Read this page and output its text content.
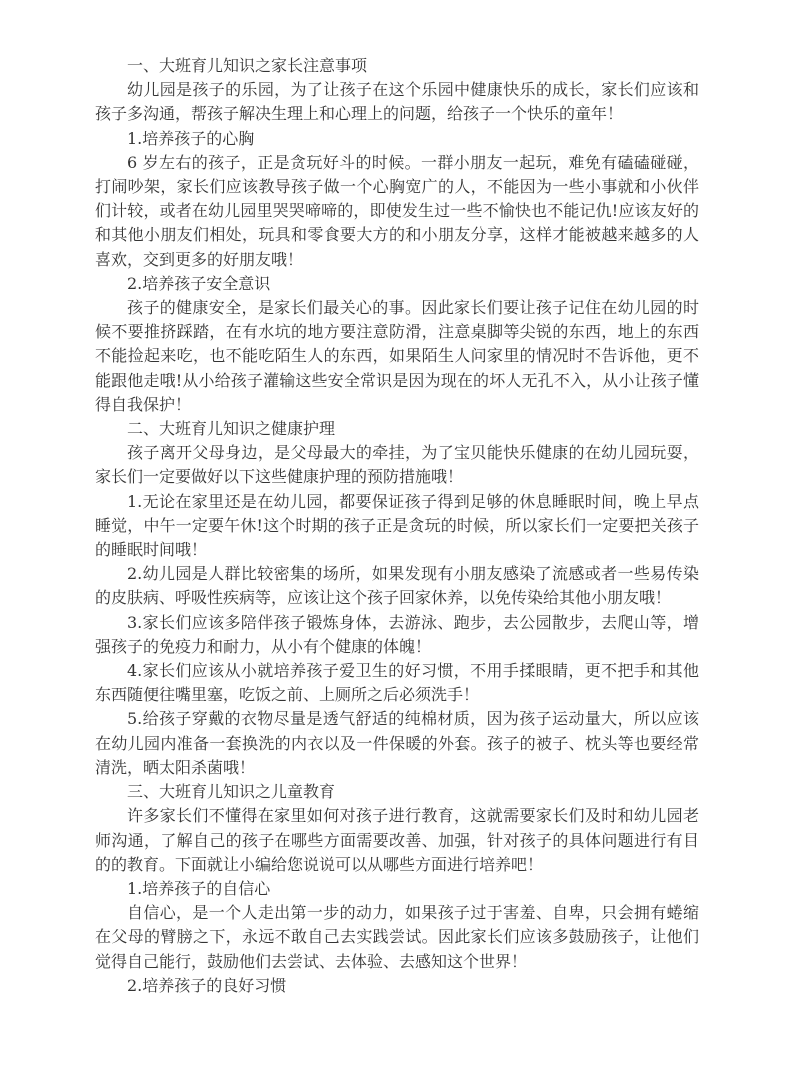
一、大班育儿知识之家长注意事项

幼儿园是孩子的乐园，为了让孩子在这个乐园中健康快乐的成长，家长们应该和孩子多沟通，帮孩子解决生理上和心理上的问题，给孩子一个快乐的童年！

1.培养孩子的心胸

6 岁左右的孩子，正是贪玩好斗的时候。一群小朋友一起玩，难免有磕磕碰碰，打闹吵架，家长们应该教导孩子做一个心胸宽广的人，不能因为一些小事就和小伙伴们计较，或者在幼儿园里哭哭啼啼的，即使发生过一些不愉快也不能记仇!应该友好的和其他小朋友们相处，玩具和零食要大方的和小朋友分享，这样才能被越来越多的人喜欢，交到更多的好朋友哦！

2.培养孩子安全意识

孩子的健康安全，是家长们最关心的事。因此家长们要让孩子记住在幼儿园的时候不要推挤踩踏，在有水坑的地方要注意防滑，注意桌脚等尖锐的东西，地上的东西不能捡起来吃，也不能吃陌生人的东西，如果陌生人问家里的情况时不告诉他，更不能跟他走哦!从小给孩子灌输这些安全常识是因为现在的坏人无孔不入，从小让孩子懂得自我保护！

二、大班育儿知识之健康护理

孩子离开父母身边，是父母最大的牵挂，为了宝贝能快乐健康的在幼儿园玩耍，家长们一定要做好以下这些健康护理的预防措施哦！

1.无论在家里还是在幼儿园，都要保证孩子得到足够的休息睡眠时间，晚上早点睡觉，中午一定要午休!这个时期的孩子正是贪玩的时候，所以家长们一定要把关孩子的睡眠时间哦！

2.幼儿园是人群比较密集的场所，如果发现有小朋友感染了流感或者一些易传染的皮肤病、呼吸性疾病等，应该让这个孩子回家休养，以免传染给其他小朋友哦！

3.家长们应该多陪伴孩子锻炼身体，去游泳、跑步，去公园散步，去爬山等，增强孩子的免疫力和耐力，从小有个健康的体魄！

4.家长们应该从小就培养孩子爱卫生的好习惯，不用手揉眼睛，更不把手和其他东西随便往嘴里塞，吃饭之前、上厕所之后必须洗手！

5.给孩子穿戴的衣物尽量是透气舒适的纯棉材质，因为孩子运动量大，所以应该在幼儿园内准备一套换洗的内衣以及一件保暖的外套。孩子的被子、枕头等也要经常清洗，晒太阳杀菌哦！

三、大班育儿知识之儿童教育

许多家长们不懂得在家里如何对孩子进行教育，这就需要家长们及时和幼儿园老师沟通，了解自己的孩子在哪些方面需要改善、加强，针对孩子的具体问题进行有目的的教育。下面就让小编给您说说可以从哪些方面进行培养吧！

1.培养孩子的自信心

自信心，是一个人走出第一步的动力，如果孩子过于害羞、自卑，只会拥有蜷缩在父母的臂膀之下，永远不敢自己去实践尝试。因此家长们应该多鼓励孩子，让他们觉得自己能行，鼓励他们去尝试、去体验、去感知这个世界！

2.培养孩子的良好习惯
